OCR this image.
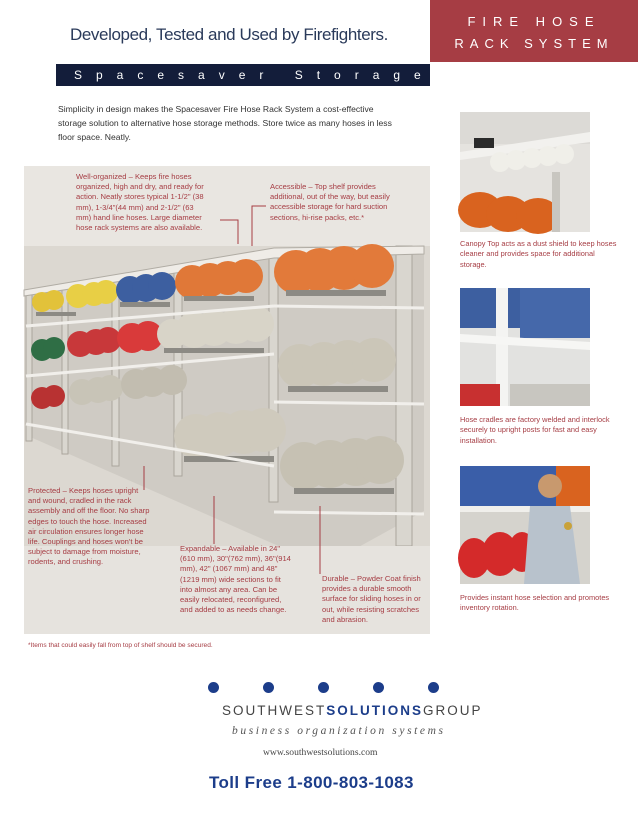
Developed, Tested and Used by Firefighters.
FIRE HOSE
RACK SYSTEM
Spacesaver Storage Systems
Simplicity in design makes the Spacesaver Fire Hose Rack System a cost-effective storage solution to alternative hose storage methods. Store twice as many hoses in less floor space. Neatly.
Well-organized – Keeps fire hoses organized, high and dry, and ready for action. Neatly stores typical 1-1/2" (38 mm), 1-3/4"(44 mm) and 2-1/2" (63 mm) hand line hoses. Large diameter hose rack systems are also available.
Accessible – Top shelf provides additional, out of the way, but easily accessible storage for hard suction sections, hi-rise packs, etc.*
Protected – Keeps hoses upright and wound, cradled in the rack assembly and off the floor. No sharp edges to touch the hose. Increased air circulation ensures longer hose life. Couplings and hoses won't be subject to damage from moisture, rodents, and crushing.
Expandable – Available in 24" (610 mm), 30"(762 mm), 36"(914 mm), 42" (1067 mm) and 48" (1219 mm) wide sections to fit into almost any area. Can be easily relocated, reconfigured, and added to as needs change.
Durable – Powder Coat finish provides a durable smooth surface for sliding hoses in or out, while resisting scratches and abrasion.
Canopy Top acts as a dust shield to keep hoses cleaner and provides space for additional storage.
Hose cradles are factory welded and interlock securely to upright posts for fast and easy installation.
Provides instant hose selection and promotes inventory rotation.
*Items that could easily fall from top of shelf should be secured.
SOUTHWESTSOLUTIONSGROUP
business organization systems
www.southwestsolutions.com
Toll Free 1-800-803-1083
